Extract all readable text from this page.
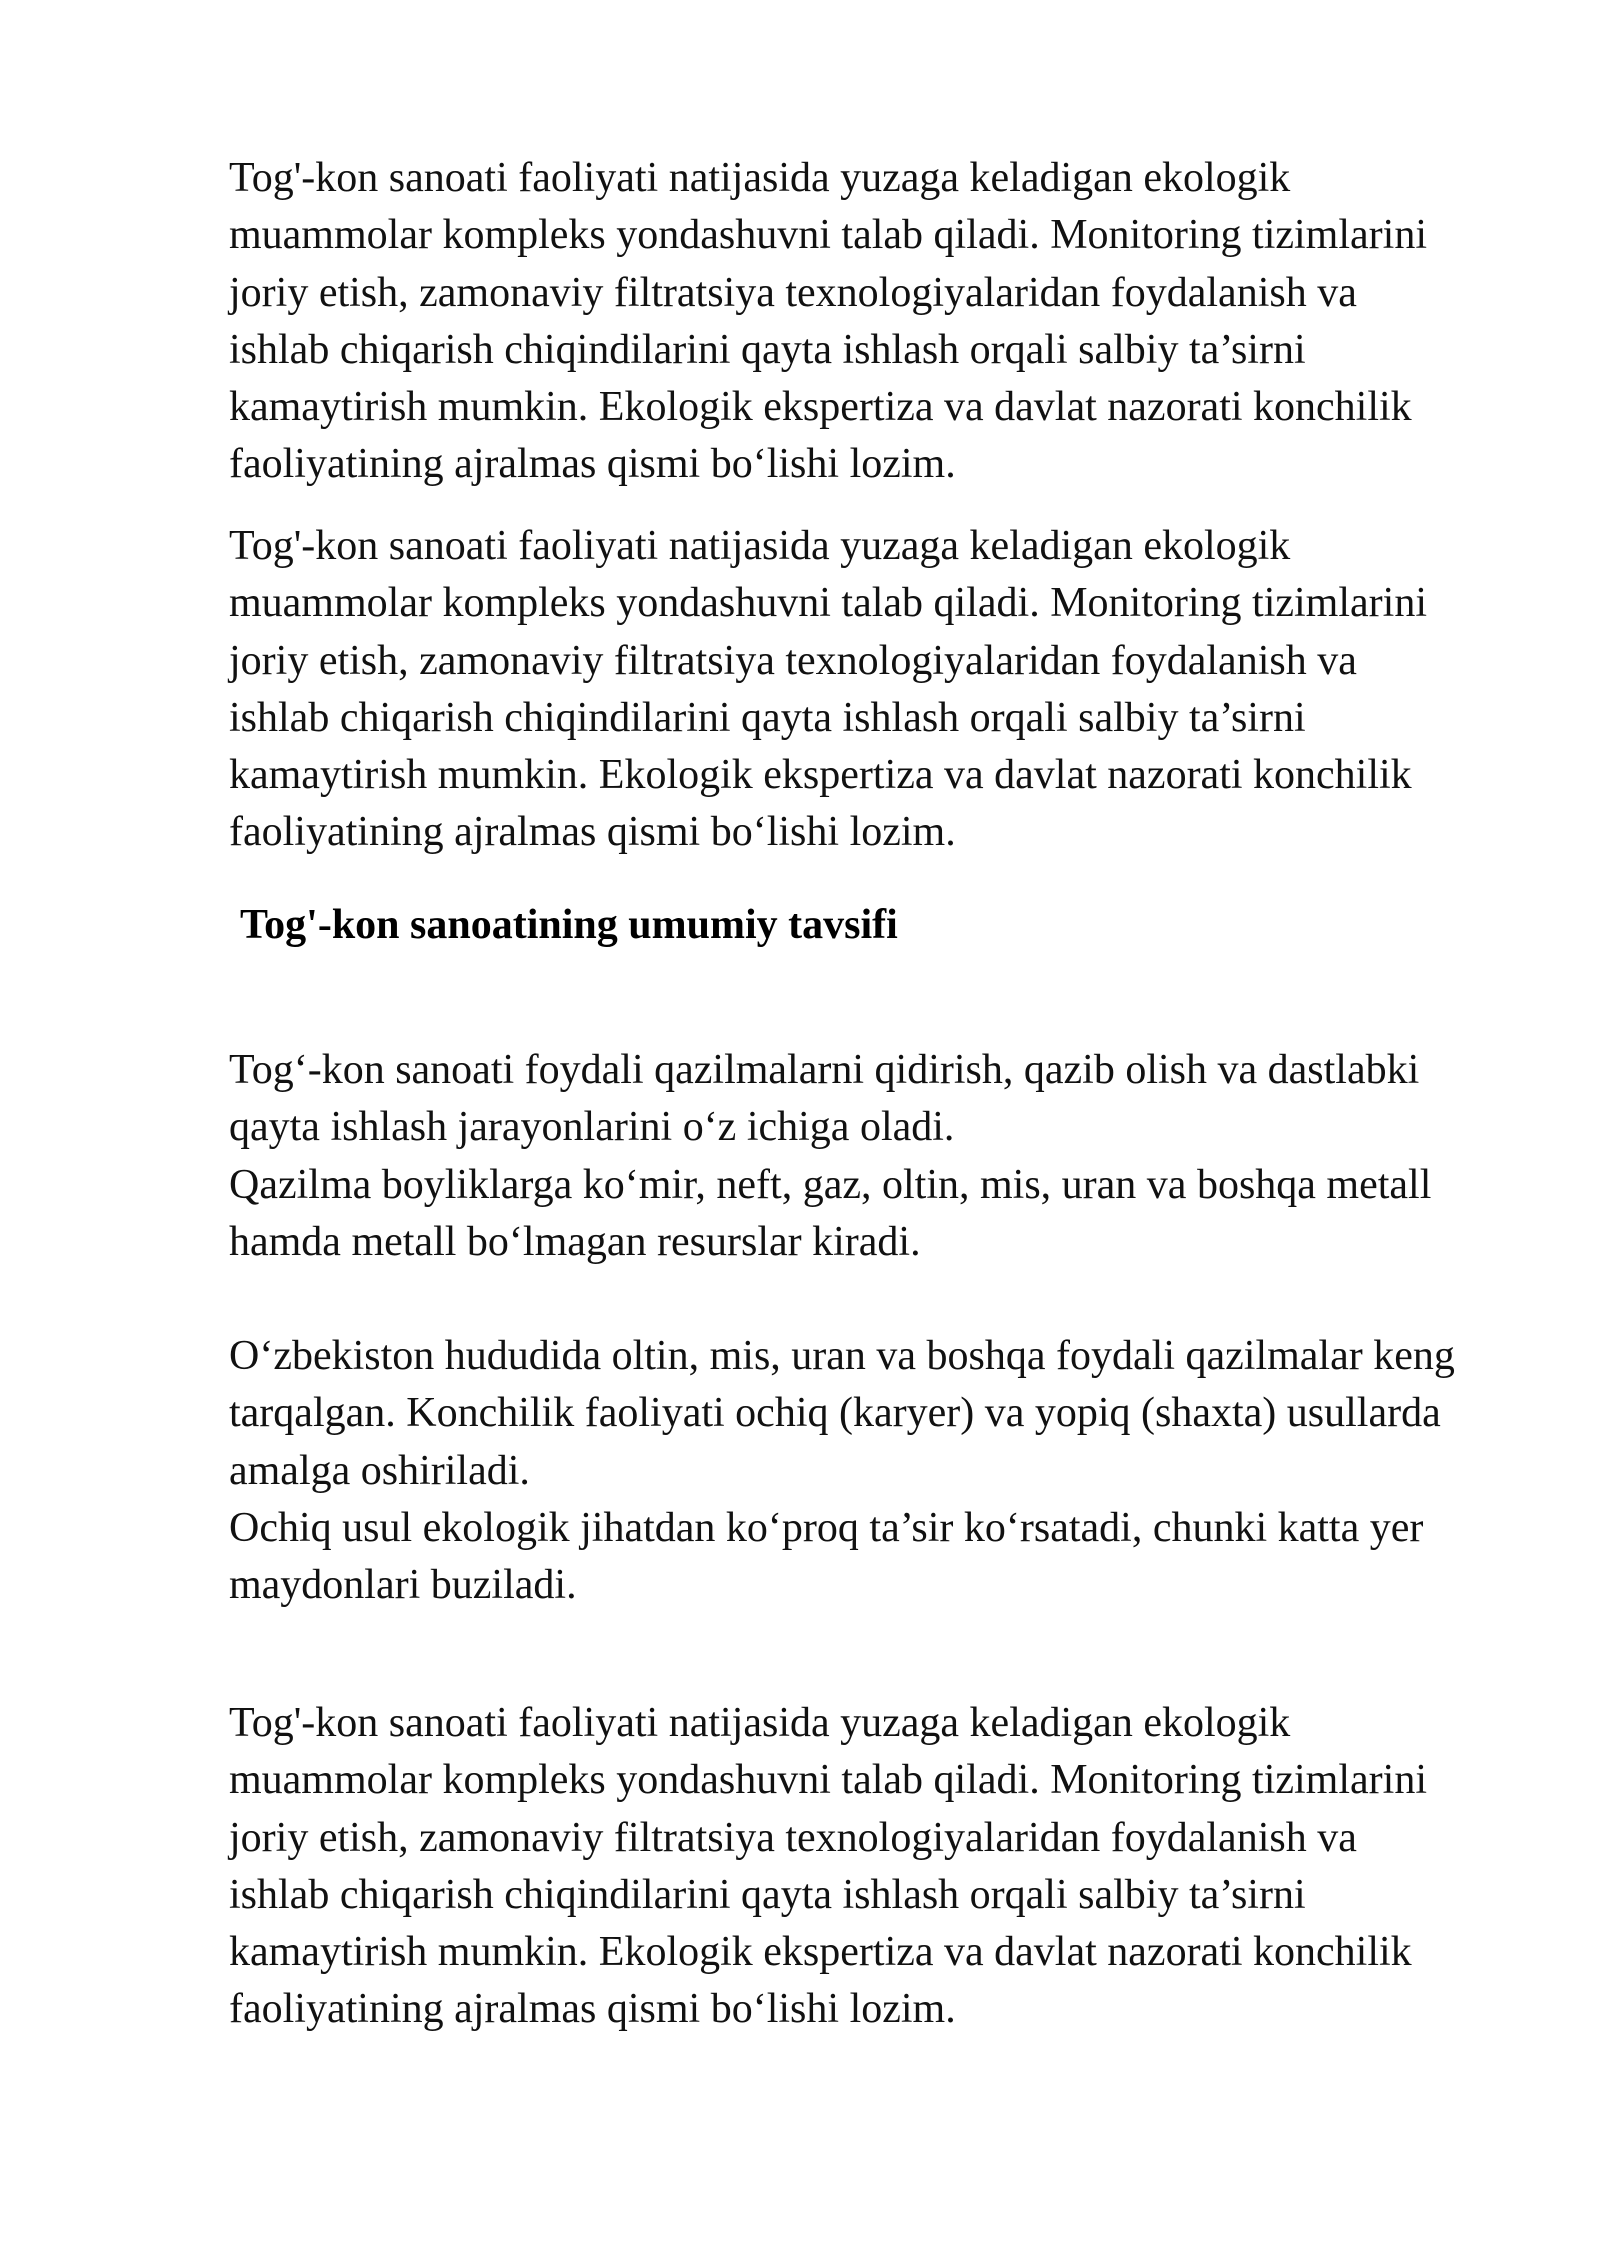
Tog'-kon sanoati faoliyati natijasida yuzaga keladigan ekologik

muammolar kompleks yondashuvni talab qiladi. Monitoring tizimlarini

joriy etish, zamonaviy filtratsiya texnologiyalaridan foydalanish va

ishlab chiqarish chiqindilarini qayta ishlash orqali salbiy ta’sirni

kamaytirish mumkin. Ekologik ekspertiza va davlat nazorati konchilik

faoliyatining ajralmas qismi bo‘lishi lozim.

Tog'-kon sanoati faoliyati natijasida yuzaga keladigan ekologik

muammolar kompleks yondashuvni talab qiladi. Monitoring tizimlarini

joriy etish, zamonaviy filtratsiya texnologiyalaridan foydalanish va

ishlab chiqarish chiqindilarini qayta ishlash orqali salbiy ta’sirni

kamaytirish mumkin. Ekologik ekspertiza va davlat nazorati konchilik

faoliyatining ajralmas qismi bo‘lishi lozim.

Tog'-kon sanoatining umumiy tavsifi

Tog‘-kon sanoati foydali qazilmalarni qidirish, qazib olish va dastlabki

qayta ishlash jarayonlarini o‘z ichiga oladi.

Qazilma boyliklarga ko‘mir, neft, gaz, oltin, mis, uran va boshqa metall

hamda metall bo‘lmagan resurslar kiradi.

O‘zbekiston hududida oltin, mis, uran va boshqa foydali qazilmalar keng

tarqalgan. Konchilik faoliyati ochiq (karyer) va yopiq (shaxta) usullarda

amalga oshiriladi.

Ochiq usul ekologik jihatdan ko‘proq ta’sir ko‘rsatadi, chunki katta yer

maydonlari buziladi.

Tog'-kon sanoati faoliyati natijasida yuzaga keladigan ekologik

muammolar kompleks yondashuvni talab qiladi. Monitoring tizimlarini

joriy etish, zamonaviy filtratsiya texnologiyalaridan foydalanish va

ishlab chiqarish chiqindilarini qayta ishlash orqali salbiy ta’sirni

kamaytirish mumkin. Ekologik ekspertiza va davlat nazorati konchilik

faoliyatining ajralmas qismi bo‘lishi lozim.
